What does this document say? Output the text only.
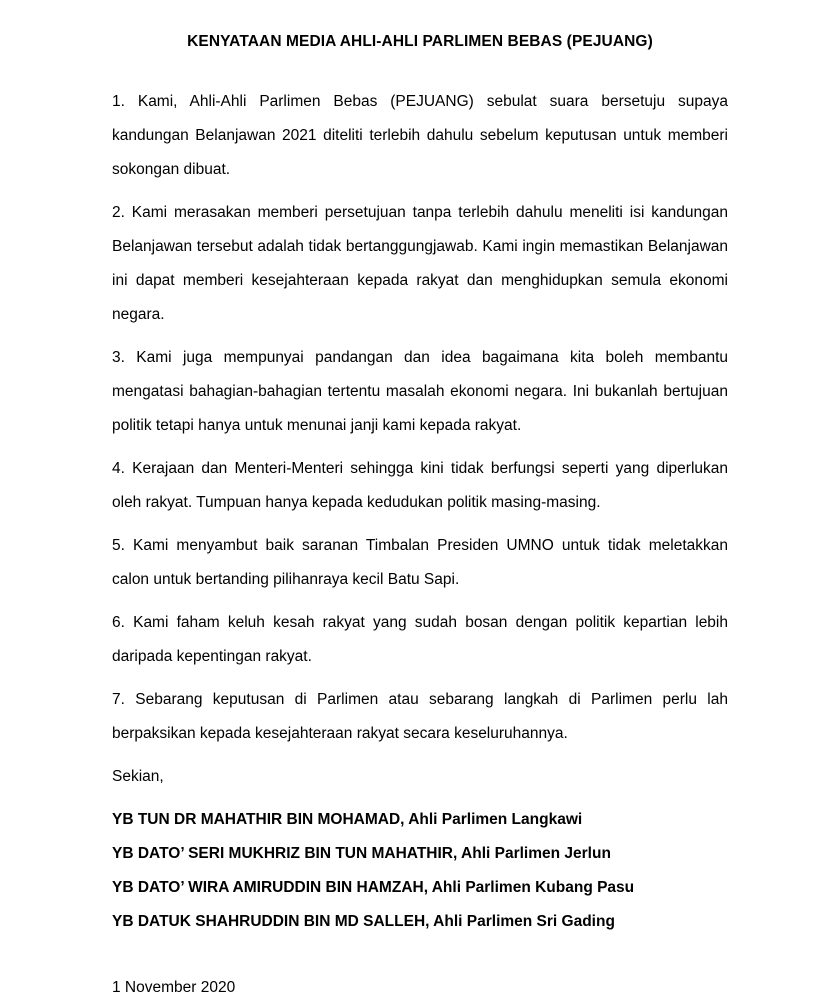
KENYATAAN MEDIA AHLI-AHLI PARLIMEN BEBAS (PEJUANG)

1. Kami, Ahli-Ahli Parlimen Bebas (PEJUANG) sebulat suara bersetuju supaya kandungan Belanjawan 2021 diteliti terlebih dahulu sebelum keputusan untuk memberi sokongan dibuat.

2. Kami merasakan memberi persetujuan tanpa terlebih dahulu meneliti isi kandungan Belanjawan tersebut adalah tidak bertanggungjawab. Kami ingin memastikan Belanjawan ini dapat memberi kesejahteraan kepada rakyat dan menghidupkan semula ekonomi negara.

3. Kami juga mempunyai pandangan dan idea bagaimana kita boleh membantu mengatasi bahagian-bahagian tertentu masalah ekonomi negara. Ini bukanlah bertujuan politik tetapi hanya untuk menunai janji kami kepada rakyat.

4. Kerajaan dan Menteri-Menteri sehingga kini tidak berfungsi seperti yang diperlukan oleh rakyat. Tumpuan hanya kepada kedudukan politik masing-masing.

5. Kami menyambut baik saranan Timbalan Presiden UMNO untuk tidak meletakkan calon untuk bertanding pilihanraya kecil Batu Sapi.

6. Kami faham keluh kesah rakyat yang sudah bosan dengan politik kepartian lebih daripada kepentingan rakyat.

7. Sebarang keputusan di Parlimen atau sebarang langkah di Parlimen perlu lah berpaksikan kepada kesejahteraan rakyat secara keseluruhannya.

Sekian,

YB TUN DR MAHATHIR BIN MOHAMAD, Ahli Parlimen Langkawi

YB DATO’ SERI MUKHRIZ BIN TUN MAHATHIR, Ahli Parlimen Jerlun

YB DATO’ WIRA AMIRUDDIN BIN HAMZAH, Ahli Parlimen Kubang Pasu

YB DATUK SHAHRUDDIN BIN MD SALLEH, Ahli Parlimen Sri Gading

1 November 2020
